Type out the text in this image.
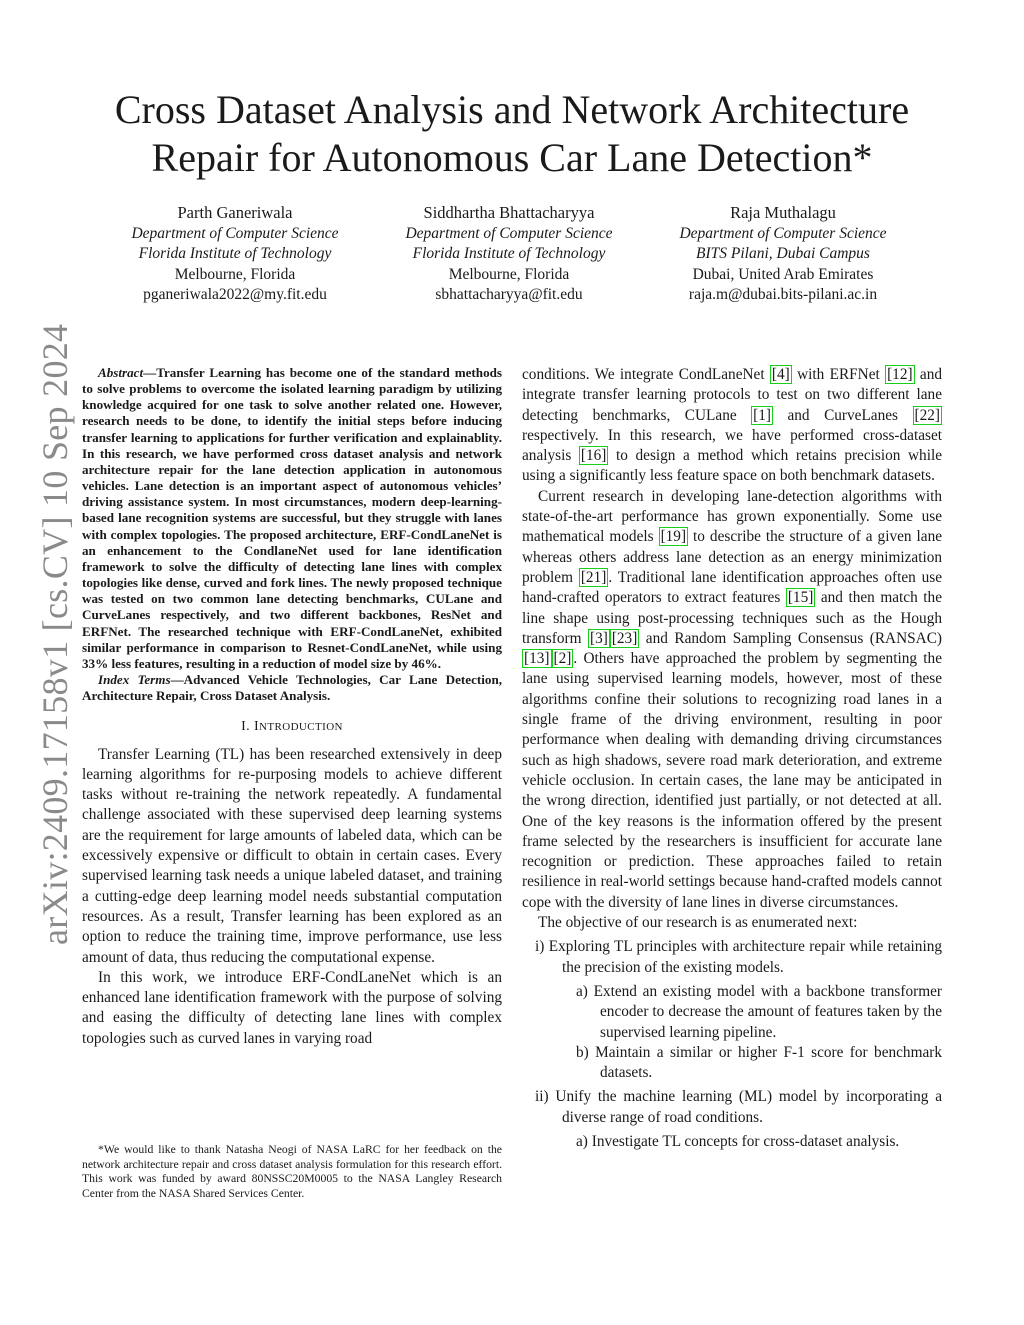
arXiv:2409.17158v1 [cs.CV] 10 Sep 2024
Cross Dataset Analysis and Network Architecture
Repair for Autonomous Car Lane Detection*
Parth Ganeriwala
Department of Computer Science
Florida Institute of Technology
Melbourne, Florida
pganeriwala2022@my.fit.edu
Siddhartha Bhattacharyya
Department of Computer Science
Florida Institute of Technology
Melbourne, Florida
sbhattacharyya@fit.edu
Raja Muthalagu
Department of Computer Science
BITS Pilani, Dubai Campus
Dubai, United Arab Emirates
raja.m@dubai.bits-pilani.ac.in

Abstract—Transfer Learning has become one of the standard methods to solve problems to overcome the isolated learning paradigm by utilizing knowledge acquired for one task to solve another related one. However, research needs to be done, to identify the initial steps before inducing transfer learning to applications for further verification and explainablity. In this research, we have performed cross dataset analysis and network architecture repair for the lane detection application in autonomous vehicles. Lane detection is an important aspect of autonomous vehicles’ driving assistance system. In most circumstances, modern deep-learning-based lane recognition systems are successful, but they struggle with lanes with complex topologies. The proposed architecture, ERF-CondLaneNet is an enhancement to the CondlaneNet used for lane identification framework to solve the difficulty of detecting lane lines with complex topologies like dense, curved and fork lines. The newly proposed technique was tested on two common lane detecting benchmarks, CULane and CurveLanes respectively, and two different backbones, ResNet and ERFNet. The researched technique with ERF-CondLaneNet, exhibited similar performance in comparison to Resnet-CondLaneNet, while using 33% less features, resulting in a reduction of model size by 46%.

Index Terms—Advanced Vehicle Technologies, Car Lane Detection, Architecture Repair, Cross Dataset Analysis.

I. INTRODUCTION

Transfer Learning (TL) has been researched extensively in deep learning algorithms for re-purposing models to achieve different tasks without re-training the network repeatedly. A fundamental challenge associated with these supervised deep learning systems are the requirement for large amounts of labeled data, which can be excessively expensive or difficult to obtain in certain cases. Every supervised learning task needs a unique labeled dataset, and training a cutting-edge deep learning model needs substantial computation resources. As a result, Transfer learning has been explored as an option to reduce the training time, improve performance, use less amount of data, thus reducing the computational expense.

In this work, we introduce ERF-CondLaneNet which is an enhanced lane identification framework with the purpose of solving and easing the difficulty of detecting lane lines with complex topologies such as curved lanes in varying road

*We would like to thank Natasha Neogi of NASA LaRC for her feedback on the network architecture repair and cross dataset analysis formulation for this research effort. This work was funded by award 80NSSC20M0005 to the NASA Langley Research Center from the NASA Shared Services Center.

conditions. We integrate CondLaneNet [4] with ERFNet [12] and integrate transfer learning protocols to test on two different lane detecting benchmarks, CULane [1] and CurveLanes [22] respectively. In this research, we have performed cross-dataset analysis [16] to design a method which retains precision while using a significantly less feature space on both benchmark datasets.

Current research in developing lane-detection algorithms with state-of-the-art performance has grown exponentially. Some use mathematical models [19] to describe the structure of a given lane whereas others address lane detection as an energy minimization problem [21] . Traditional lane identification approaches often use hand-crafted operators to extract features [15] and then match the line shape using post-processing techniques such as the Hough transform [3] [23] and Random Sampling Consensus (RANSAC) [13] [2] . Others have approached the problem by segmenting the lane using supervised learning models, however, most of these algorithms confine their solutions to recognizing road lanes in a single frame of the driving environment, resulting in poor performance when dealing with demanding driving circumstances such as high shadows, severe road mark deterioration, and extreme vehicle occlusion. In certain cases, the lane may be anticipated in the wrong direction, identified just partially, or not detected at all. One of the key reasons is the information offered by the present frame selected by the researchers is insufficient for accurate lane recognition or prediction. These approaches failed to retain resilience in real-world settings because hand-crafted models cannot cope with the diversity of lane lines in diverse circumstances.

The objective of our research is as enumerated next:

i) Exploring TL principles with architecture repair while retaining the precision of the existing models.

a) Extend an existing model with a backbone transformer encoder to decrease the amount of features taken by the supervised learning pipeline.

b) Maintain a similar or higher F-1 score for benchmark datasets.

ii) Unify the machine learning (ML) model by incorporating a diverse range of road conditions.

a) Investigate TL concepts for cross-dataset analysis.
